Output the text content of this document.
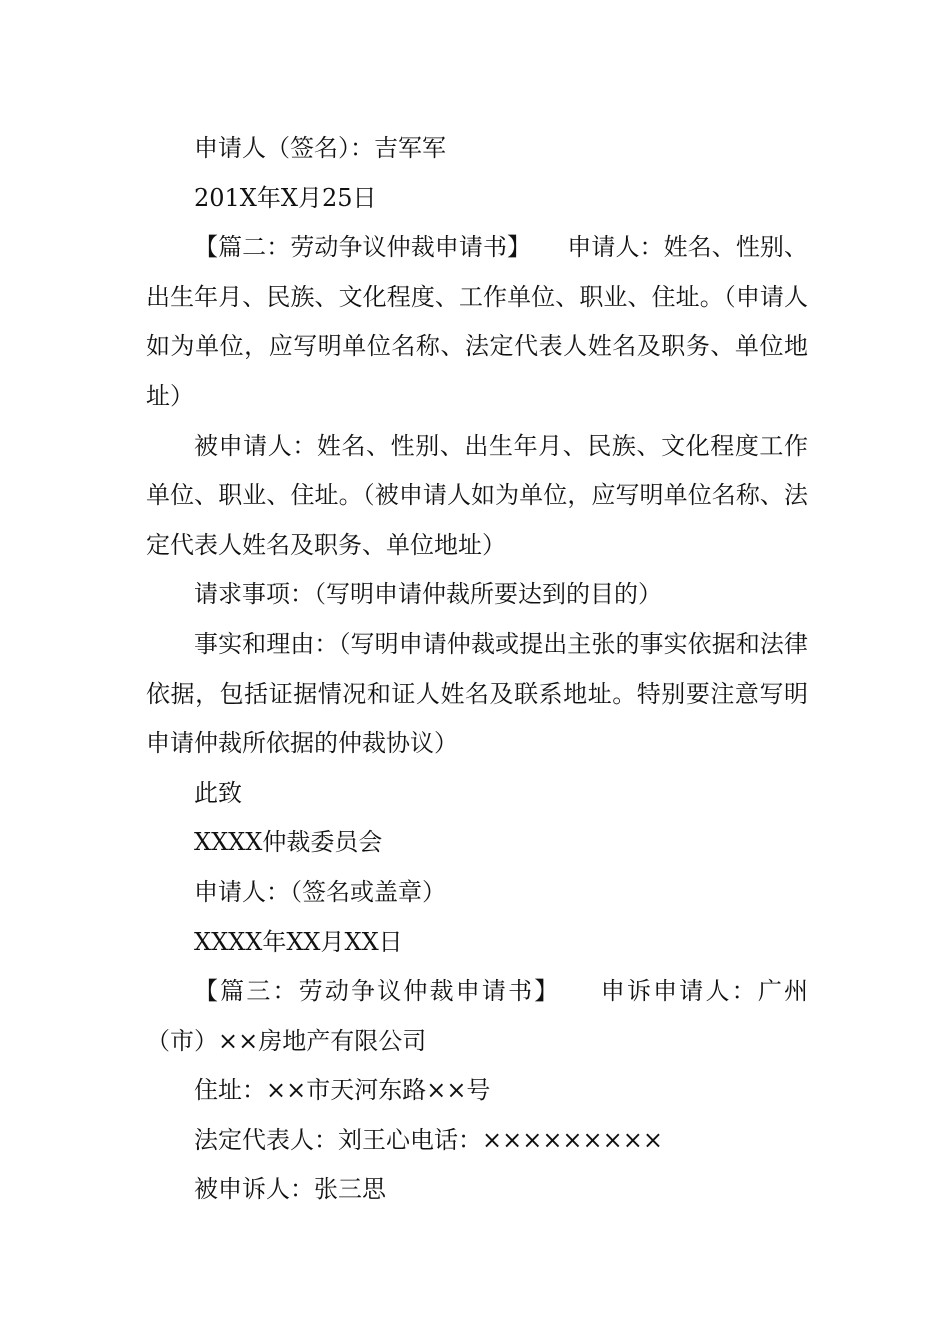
申请人（签名）：吉军军

201X年X月25日

【篇二：劳动争议仲裁申请书】　　申请人：姓名、性别、出生年月、民族、文化程度、工作单位、职业、住址。（申请人如为单位，应写明单位名称、法定代表人姓名及职务、单位地址）

被申请人：姓名、性别、出生年月、民族、文化程度工作单位、职业、住址。（被申请人如为单位，应写明单位名称、法定代表人姓名及职务、单位地址）

请求事项：（写明申请仲裁所要达到的目的）

事实和理由：（写明申请仲裁或提出主张的事实依据和法律依据，包括证据情况和证人姓名及联系地址。特别要注意写明申请仲裁所依据的仲裁协议）

此致

XXXX仲裁委员会

申请人：（签名或盖章）

XXXX年XX月XX日

【篇三：劳动争议仲裁申请书】　　申诉申请人：广州（市）××房地产有限公司

住址：××市天河东路××号

法定代表人：刘王心电话：×××××××××

被申诉人：张三思
